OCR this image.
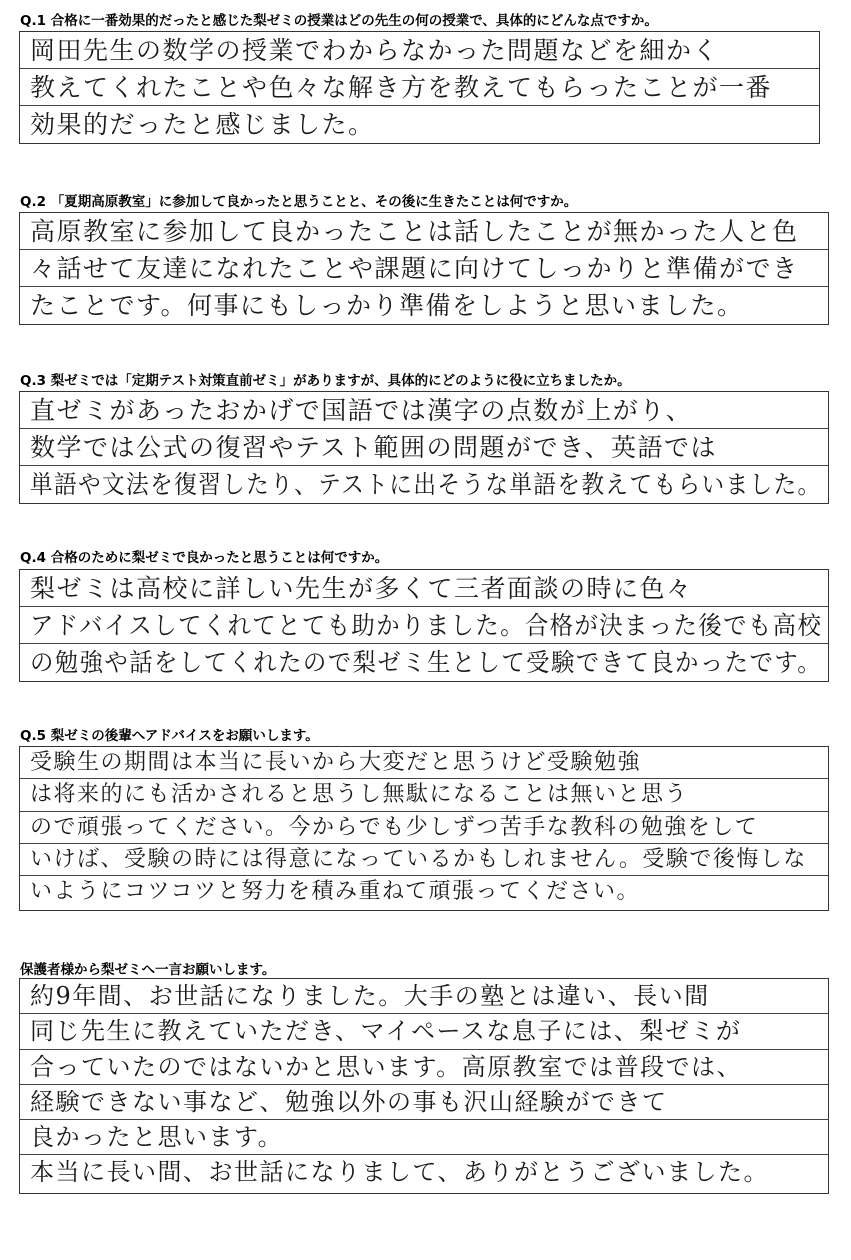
Q.1 合格に一番効果的だったと感じた梨ゼミの授業はどの先生の何の授業で、具体的にどんな点ですか。
岡田先生の数学の授業でわからなかった問題などを細かく
教えてくれたことや色々な解き方を教えてもらったことが一番
効果的だったと感じました。
Q.2 「夏期高原教室」に参加して良かったと思うことと、その後に生きたことは何ですか。
高原教室に参加して良かったことは話したことが無かった人と色
々話せて友達になれたことや課題に向けてしっかりと準備ができ
たことです。何事にもしっかり準備をしようと思いました。
Q.3 梨ゼミでは「定期テスト対策直前ゼミ」がありますが、具体的にどのように役に立ちましたか。
直ゼミがあったおかげで国語では漢字の点数が上がり、
数学では公式の復習やテスト範囲の問題ができ、英語では
単語や文法を復習したり、テストに出そうな単語を教えてもらいました。
Q.4 合格のために梨ゼミで良かったと思うことは何ですか。
梨ゼミは高校に詳しい先生が多くて三者面談の時に色々
アドバイスしてくれてとても助かりました。合格が決まった後でも高校
の勉強や話をしてくれたので梨ゼミ生として受験できて良かったです。
Q.5 梨ゼミの後輩へアドバイスをお願いします。
受験生の期間は本当に長いから大変だと思うけど受験勉強
は将来的にも活かされると思うし無駄になることは無いと思う
ので頑張ってください。今からでも少しずつ苦手な教科の勉強をして
いけば、受験の時には得意になっているかもしれません。受験で後悔しな
いようにコツコツと努力を積み重ねて頑張ってください。
保護者様から梨ゼミへ一言お願いします。
約9年間、お世話になりました。大手の塾とは違い、長い間
同じ先生に教えていただき、マイペースな息子には、梨ゼミが
合っていたのではないかと思います。高原教室では普段では、
経験できない事など、勉強以外の事も沢山経験ができて
良かったと思います。
本当に長い間、お世話になりまして、ありがとうございました。
